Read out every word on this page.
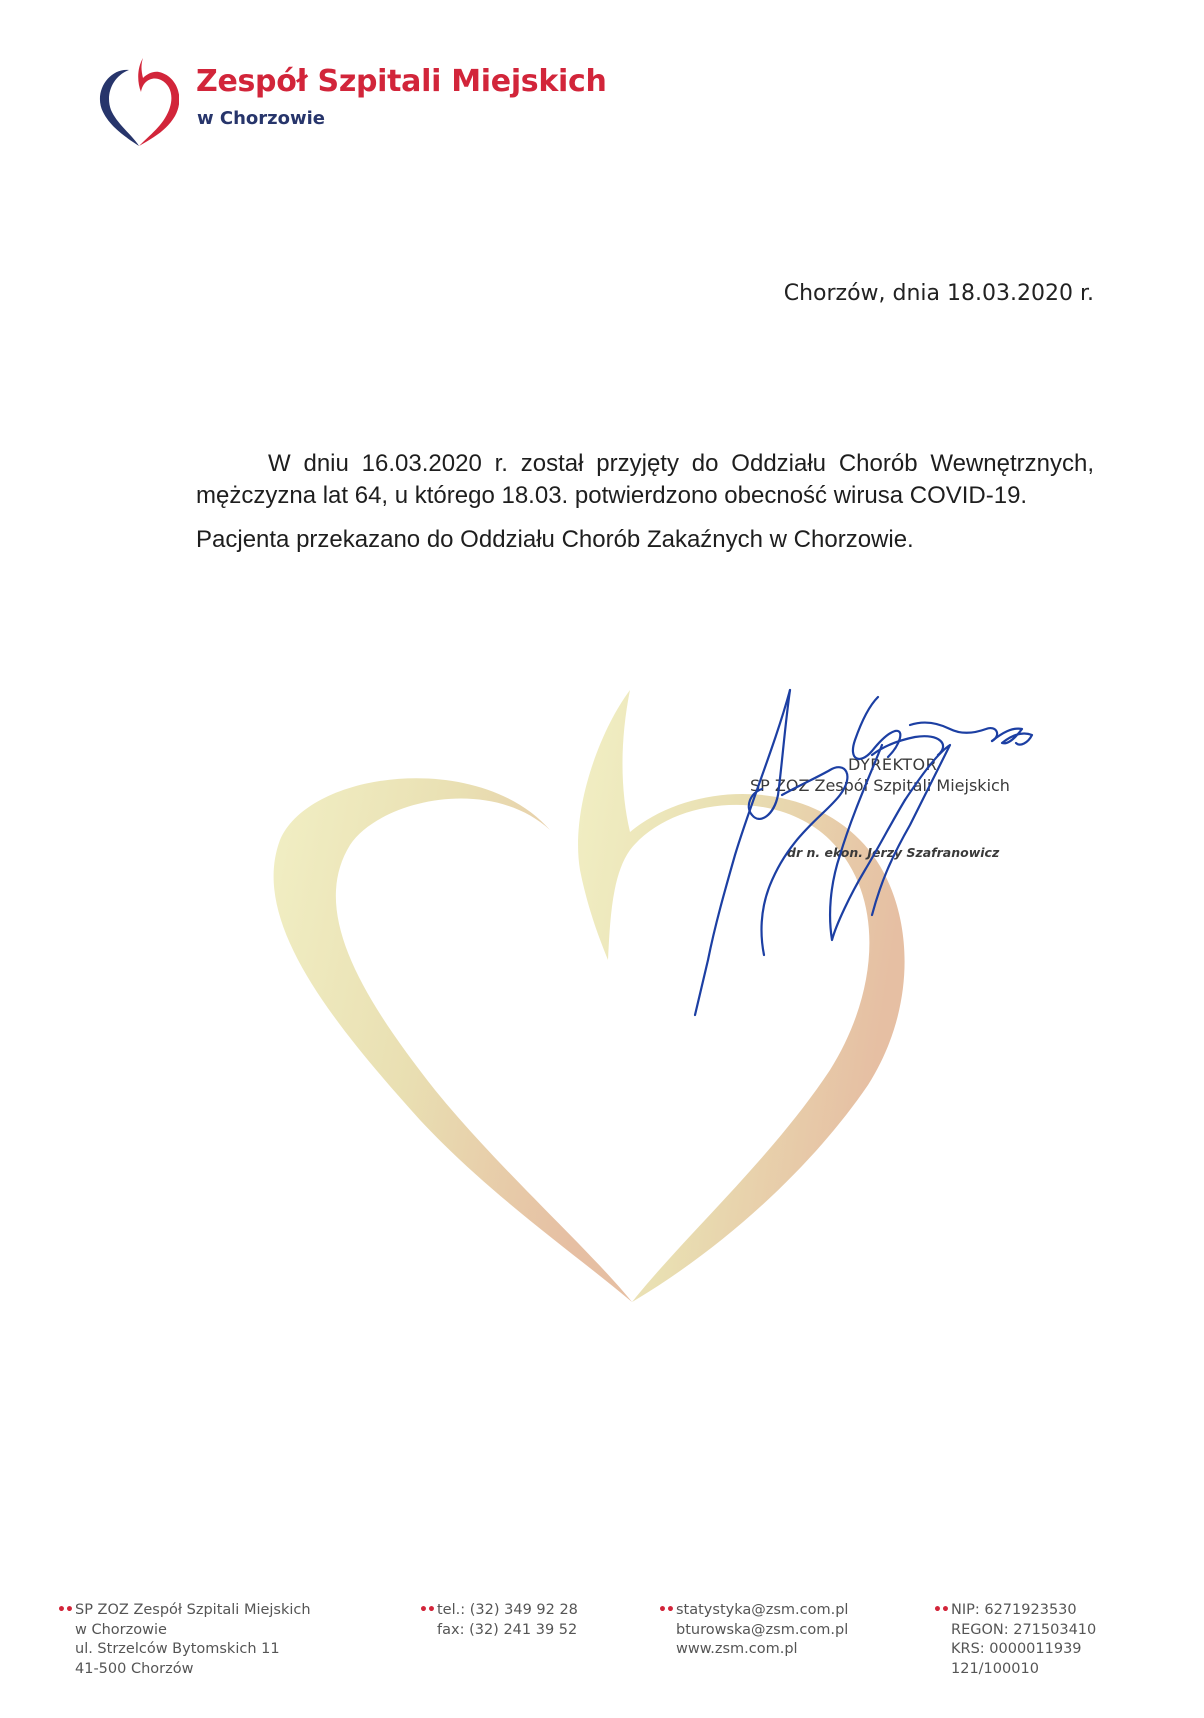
Zespół Szpitali Miejskich
w Chorzowie
Chorzów, dnia 18.03.2020 r.

W dniu 16.03.2020 r. został przyjęty do Oddziału Chorób Wewnętrznych, mężczyzna lat 64, u którego 18.03. potwierdzono obecność wirusa COVID-19.

Pacjenta przekazano do Oddziału Chorób Zakaźnych w Chorzowie.

DYREKTOR
SP ZOZ Zespół Szpitali Miejskich
dr n. ekon. Jerzy Szafranowicz
•• SP ZOZ Zespół Szpitali Miejskich
w Chorzowie
ul. Strzelców Bytomskich 11
41-500 Chorzów
•• tel.: (32) 349 92 28
fax: (32) 241 39 52
•• statystyka@zsm.com.pl
bturowska@zsm.com.pl
www.zsm.com.pl
•• NIP: 6271923530
REGON: 271503410
KRS: 0000011939
121/100010
